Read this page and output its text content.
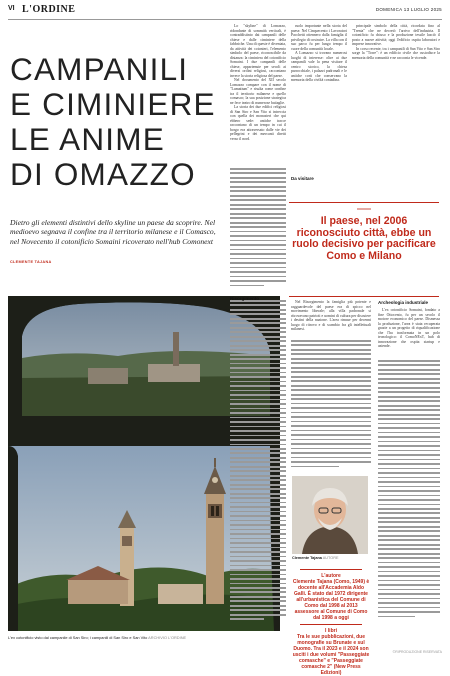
VI L'ORDINE	DOMENICA 13 LUGLIO 2025
CAMPANILI
E CIMINIERE
LE ANIME
DI OMAZZO
Dietro gli elementi distintivi dello skyline un paese da scoprire. Nel medioevo segnava il confine tra il territorio milanese e il Comasco, nel Novecento il cotonificio Somaini ricoverato nell'hub Comonext
CLEMENTE TAJANA

Lo "skyline" di Lomazzo, ridondante di sommità verticali, è contraddistinto dai campanili delle chiese e dalle ciminiere della fabbriche. Una di queste è diventata, da attività dei cotonieri, l'elemento simbolo del paese, riconoscibile da distanza: la ciminiera del cotonificio Somaini. I due campanili delle chiese, appartenute per secoli ai diversi ordini religiosi, raccontano invece la storia religiosa del paese.

Nel documento del XII secolo Lomazzo compare con il nome di "Lumatium" e risulta come confine tra il territorio milanese e quello comasco; la sua posizione strategica ne fece teatro di numerose battaglie.

La storia dei due edifici religiosi di San Siro e San Vito si intreccia con quella dei monasteri che qui ebbero sede: antiche tracce raccontano di un tempo in cui il borgo era attraversato dalle vie dei pellegrini e dei mercanti diretti verso il nord.

ruolo importante nella storia del paese. Nel Cinquecento i Lavoratori Pacchetti ottennero dalla famiglia il privilegio di costruire. La villa con il suo parco fu per lungo tempo il cuore della comunità locale.

A Lomazzo si trovano numerosi luoghi di interesse: oltre ai due campanili vale la pena visitare il centro storico, la chiesa parrocchiale, i palazzi padronali e le antiche corti che conservano la memoria della civiltà contadina.

principale simbolo della città, ricordata fino al "Trenta" che ne decretò l'arrivo dell'industria. Il cotonificio fu chiuso e la produzione tessile lasciò il posto a nuove attività; oggi l'edificio ospita laboratori e imprese innovative.

In corso recente, tra i campanili di San Vito e San Siro sorge la "Torre": è un edificio civile che custodisce la memoria della comunità e ne racconta le vicende.

Il paese, nel 2006 riconosciuto città, ebbe un ruolo decisivo per pacificare Como e Milano
L'ex cotonificio visto dal campanile di San Siro; i campanili di San Siro e San Vito ARCHIVIO L'ORDINE
Archeologia industriale

L'ex cotonificio Somaini, fondato a fine Ottocento, fu per un secolo il motore economico del paese. Dismessa la produzione, l'area è stata recuperata grazie a un progetto di riqualificazione che l'ha trasformata in un polo tecnologico: il ComoNExT, hub di innovazione che ospita startup e aziende.

Nel Risorgimento la famiglia più potente e ragguardevole del paese era di spicco nel movimento liberale; alla villa padronale si ritrovavano patrioti e uomini di cultura per discutere i destini della nazione. L'area rimase per decenni luogo di ritrovo e di scambio fra gli intellettuali milanesi.

Da visitare
Risorgimento
Clemente Tajana AUTORE
L'autore

Clemente Tajana (Como, 1949) è docente all'Accademia Aldo Galli. È stato dal 1972 dirigente all'urbanistica del Comune di Como dal 1998 al 2013 assessore al Comune di Como dal 1998 a oggi

I libri

Tra le sue pubblicazioni, due monografie su Brunate e sul Duomo. Tra il 2023 e il 2024 son usciti i due volumi "Passeggiate comasche" e "Passeggiate comasche 2" (New Press Edizioni)

©RIPRODUZIONE RISERVATA
